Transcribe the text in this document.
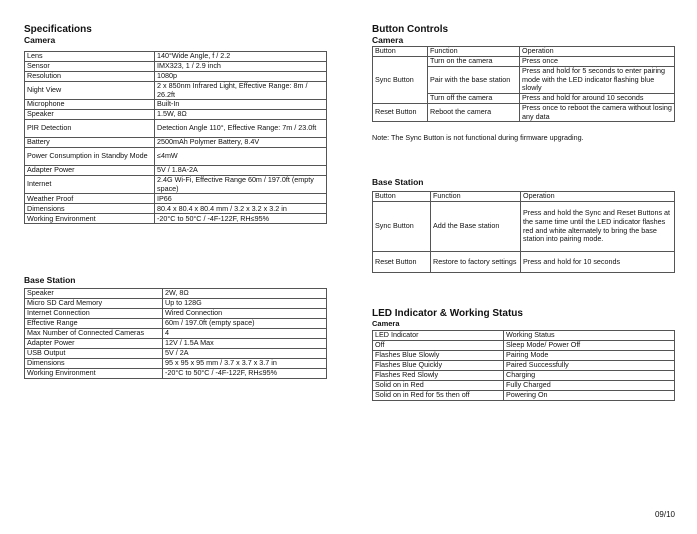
Specifications
Camera
Lens	140°Wide Angle, f / 2.2
Sensor	IMX323, 1 / 2.9 inch
Resolution	1080p
Night View	2 x 850nm Infrared Light, Effective Range: 8m / 26.2ft
Microphone	Built-In
Speaker	1.5W, 8Ω
PIR Detection	Detection Angle 110°, Effective Range: 7m / 23.0ft
Battery	2500mAh Polymer Battery, 8.4V
Power Consumption in Standby Mode	≤4mW
Adapter Power	5V / 1.8A-2A
Internet	2.4G Wi-Fi, Effective Range 60m / 197.0ft (empty space)
Weather Proof	IP66
Dimensions	80.4 x 80.4 x 80.4 mm / 3.2 x 3.2 x 3.2 in
Working Environment	-20°C to 50°C / -4F-122F, RH≤95%
Base Station
Speaker	2W, 8Ω
Micro SD Card Memory	Up to 128G
Internet Connection	Wired Connection
Effective Range	60m / 197.0ft (empty space)
Max Number of Connected Cameras	4
Adapter Power	12V / 1.5A Max
USB Output	5V / 2A
Dimensions	95 x 95 x 95 mm / 3.7 x 3.7 x 3.7 in
Working Environment	-20°C to 50°C / -4F-122F, RH≤95%
Button Controls
Camera
Button	Function	Operation
Sync Button	Turn on the camera	Press once
	Pair with the base station	Press and hold for 5 seconds to enter pairing mode with the LED indicator flashing blue slowly
	Turn off the camera	Press and hold for around 10 seconds
Reset Button	Reboot the camera	Press once to reboot the camera without losing any data
Note: The Sync Button is not functional during firmware upgrading.
Base Station
Button	Function	Operation
Sync Button	Add the Base station	Press and hold the Sync and Reset Buttons at the same time until the LED indicator flashes red and white alternately to bring the base station into pairing mode.
Reset Button	Restore to factory settings	Press and hold for 10 seconds
LED Indicator & Working Status
Camera
LED Indicator	Working Status
Off	Sleep Mode/ Power Off
Flashes Blue Slowly	Pairing Mode
Flashes Blue Quickly	Paired Successfully
Flashes Red Slowly	Charging
Solid on in Red	Fully Charged
Solid on in Red for 5s then off	Powering On
09/10
